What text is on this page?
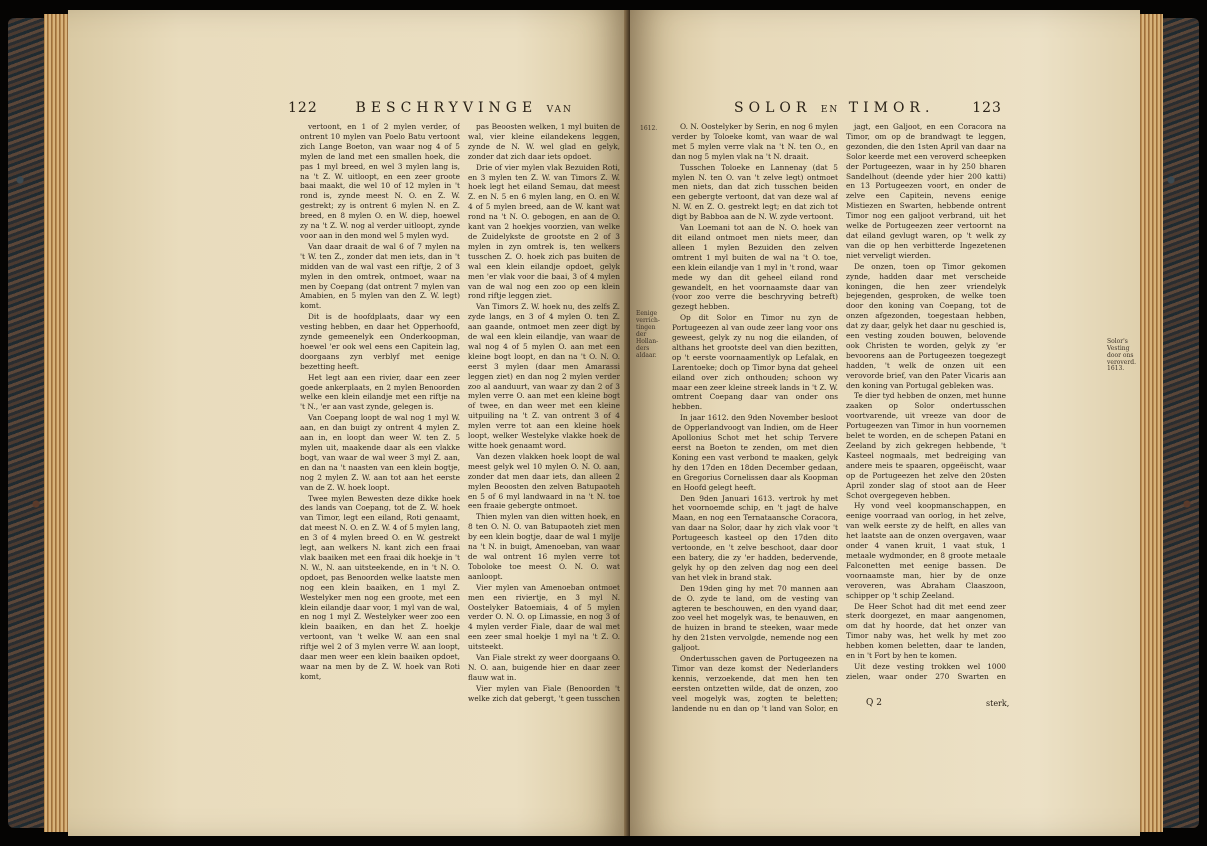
122	BESCHRYVINGE VAN

vertoont, en 1 of 2 mylen verder, of ontrent 10 mylen van Poelo Batu vertoont zich Lange Boeton, van waar nog 4 of 5 mylen de land met een smallen hoek, die pas 1 myl breed, en wel 3 mylen lang is, na 't Z. W. uitloopt, en een zeer groote baai maakt, die wel 10 of 12 mylen in 't rond is, zynde meest N. O. en Z. W. gestrekt; zy is ontrent 6 mylen N. en Z. breed, en 8 mylen O. en W. diep, hoewel zy na 't Z. W. nog al verder uitloopt, zynde voor aan in den mond wel 5 mylen wyd.

Van daar draait de wal 6 of 7 mylen na 't W. ten Z., zonder dat men iets, dan in 't midden van de wal vast een riftje, 2 of 3 mylen in den omtrek, ontmoet, waar na men by Coepang (dat ontrent 7 mylen van Amabien, en 5 mylen van den Z. W. legt) komt.

Dit is de hoofdplaats, daar wy een vesting hebben, en daar het Opperhoofd, zynde gemeenelyk een Onderkoopman, hoewel 'er ook wel eens een Capitein lag, doorgaans zyn verblyf met eenige bezetting heeft.

Het legt aan een rivier, daar een zeer goede ankerplaats, en 2 mylen Benoorden welke een klein eilandje met een riftje na 't N., 'er aan vast zynde, gelegen is.

Van Coepang loopt de wal nog 1 myl W. aan, en dan buigt zy ontrent 4 mylen Z. aan in, en loopt dan weer W. ten Z. 5 mylen uit, maakende daar als een vlakke bogt, van waar de wal weer 3 myl Z. aan, en dan na 't naasten van een klein bogtje, nog 2 mylen Z. W. aan tot aan het eerste van de Z. W. hoek loopt.

Twee mylen Bewesten deze dikke hoek des lands van Coepang, tot de Z. W. hoek van Timor, legt een eiland, Roti genaamt, dat meest N. O. en Z. W. 4 of 5 mylen lang, en 3 of 4 mylen breed O. en W. gestrekt legt, aan welkers N. kant zich een fraai vlak baaiken met een fraai dik hoekje in 't N. W., N. aan uitsteekende, en in 't N. O. opdoet, pas Benoorden welke laatste men nog een klein baaiken, en 1 myl Z. Westelyker men nog een groote, met een klein eilandje daar voor, 1 myl van de wal, en nog 1 myl Z. Westelyker weer zoo een klein baaiken, en dan het Z. hoekje vertoont, van 't welke W. aan een snal riftje wel 2 of 3 mylen verre W. aan loopt, daar men weer een klein baaiken opdoet, waar na men by de Z. W. hoek van Roti komt,

pas Beoosten welken, 1 myl buiten de wal, vier kleine eilandekens leggen, zynde de N. W. wel glad en gelyk, zonder dat zich daar iets opdoet.

Drie of vier mylen vlak Bezuiden Roti, en 3 mylen ten Z. W. van Timors Z. W. hoek legt het eiland Semau, dat meest Z. en N. 5 en 6 mylen lang, en O. en W. 4 of 5 mylen breed, aan de W. kant wat rond na 't N. O. gebogen, en aan de O. kant van 2 hoekjes voorzien, van welke de Zuidelykste de grootste en 2 of 3 mylen in zyn omtrek is, ten welkers tusschen Z. O. hoek zich pas buiten de wal een klein eilandje opdoet, gelyk men 'er vlak voor die baai, 3 of 4 mylen van de wal nog een zoo op een klein rond riftje leggen ziet.

Van Timors Z. W. hoek nu, des zelfs Z. zyde langs, en 3 of 4 mylen O. ten Z. aan gaande, ontmoet men zeer digt by de wal een klein eilandje, van waar de wal nog 4 of 5 mylen O. aan met een kleine bogt loopt, en dan na 't O. N. O. eerst 3 mylen (daar men Amarassi leggen ziet) en dan nog 2 mylen verder zoo al aanduurt, van waar zy dan 2 of 3 mylen verre O. aan met een kleine bogt of twee, en dan weer met een kleine uitpuiling na 't Z. van ontrent 3 of 4 mylen verre tot aan een kleine hoek loopt, welker Westelyke vlakke hoek de witte hoek genaamt word.

Van dezen vlakken hoek loopt de wal meest gelyk wel 10 mylen O. N. O. aan, zonder dat men daar iets, dan alleen 2 mylen Beoosten den zelven Batupaoteh en 5 of 6 myl landwaard in na 't N. toe een fraaie gebergte ontmoet.

Thien mylen van dien witten hoek, en 8 ten O. N. O. van Batupaoteh ziet men by een klein bogtje, daar de wal 1 mylje na 't N. in buigt, Amenoeban, van waar de wal ontrent 16 mylen verre tot Toboloke toe meest O. N. O. wat aanloopt.

Vier mylen van Amenoeban ontmoet men een riviertje, en 3 myl N. Oostelyker Batoemiais, 4 of 5 mylen verder O. N. O. op Limassie, en nog 3 of 4 mylen verder Fiale, daar de wal met een zeer smal hoekje 1 myl na 't Z. O. uitsteekt.

Van Fiale strekt zy weer doorgaans O. N. O. aan, buigende hier en daar zeer flauw wat in.

Vier mylen van Fiale (Benoorden 't welke zich dat gebergt, 't geen tusschen

SOLOR EN TIMOR.	123
1612.
Eenige verrich-tingen der Hollan-ders aldaar.
Solor's Vesting door ons veroverd.
1613.

O. N. Oostelyker by Serin, en nog 6 mylen verder by Toloeke komt, van waar de wal met 5 mylen verre vlak na 't N. ten O., en dan nog 5 mylen vlak na 't N. draait.

Tusschen Toloeke en Lannenay (dat 5 mylen N. ten O. van 't zelve legt) ontmoet men niets, dan dat zich tusschen beiden een gebergte vertoont, dat van deze wal af N. W. en Z. O. gestrekt legt; en dat zich tot digt by Babboa aan de N. W. zyde vertoont.

Van Loemani tot aan de N. O. hoek van dit eiland ontmoet men niets meer, dan alleen 1 mylen Bezuiden den zelven omtrent 1 myl buiten de wal na 't O. toe, een klein eilandje van 1 myl in 't rond, waar mede wy dan dit geheel eiland rond gewandelt, en het voornaamste daar van (voor zoo verre die beschryving betreft) gezegt hebben.

Op dit Solor en Timor nu zyn de Portugeezen al van oude zeer lang voor ons geweest, gelyk zy nu nog die eilanden, of althans het grootste deel van dien bezitten, op 't eerste voornaamentlyk op Lefalak, en Larentoeke; doch op Timor byna dat geheel eiland over zich onthouden; schoon wy maar een zeer kleine streek lands in 't Z. W. omtrent Coepang daar van onder ons hebben.

In jaar 1612. den 9den November besloot de Opperlandvoogt van Indien, om de Heer Apollonius Schot met het schip Tervere eerst na Boeton te zenden, om met dien Koning een vast verbond te maaken, gelyk hy den 17den en 18den December gedaan, en Gregorius Cornelissen daar als Koopman en Hoofd gelegt heeft.

Den 9den Januari 1613. vertrok hy met het voornoemde schip, en 't jagt de halve Maan, en nog een Ternataansche Coracora, van daar na Solor, daar hy zich vlak voor 't Portugeesch kasteel op den 17den dito vertoonde, en 't zelve beschoot, daar door een batery, die zy 'er hadden, bedervende, gelyk hy op den zelven dag nog een deel van het vlek in brand stak.

Den 19den ging hy met 70 mannen aan de O. zyde te land, om de vesting van agteren te beschouwen, en den vyand daar, zoo veel het mogelyk was, te benauwen, en de huizen in brand te steeken, waar mede hy den 21sten vervolgde, nemende nog een galjoot.

Ondertusschen gaven de Portugeezen na Timor van deze komst der Nederlanders kennis, verzoekende, dat men hen ten eersten ontzetten wilde, dat de onzen, zoo veel mogelyk was, zogten te beletten; landende nu en dan op 't land van Solor, en

jagt, een Galjoot, en een Coracora na Timor, om op de brandwagt te leggen, gezonden, die den 1sten April van daar na Solor keerde met een veroverd scheepken der Portugeezen, waar in hy 250 bharen Sandelhout (deende yder hier 200 katti) en 13 Portugeezen voort, en onder de zelve een Capitein, nevens eenige Mistiezen en Swarten, hebbende ontrent Timor nog een galjoot verbrand, uit het welke de Portugeezen zeer vertoornt na dat eiland gevlugt waren, op 't welk zy van die op hen verbitterde Ingezetenen niet verveligt wierden.

De onzen, toen op Timor gekomen zynde, hadden daar met verscheide koningen, die hen zeer vriendelyk bejegenden, gesproken, de welke toen door den koning van Coepang, tot de onzen afgezonden, toegestaan hebben, dat zy daar, gelyk het daar nu geschied is, een vesting zouden bouwen, belovende ook Christen te worden, gelyk zy 'er bevoorens aan de Portugeezen toegezegt hadden, 't welk de onzen uit een verovorde brief, van den Pater Vicaris aan den koning van Portugal gebleken was.

Te dier tyd hebben de onzen, met hunne zaaken op Solor ondertusschen voortvarende, uit vreeze van door de Portugeezen van Timor in hun voornemen belet te worden, en de schepen Patani en Zeeland by zich gekregen hebbende, 't Kasteel nogmaals, met bedreiging van andere meis te spaaren, opgeëischt, waar op de Portugeezen het zelve den 20sten April zonder slag of stoot aan de Heer Schot overgegeven hebben.

Hy vond veel koopmanschappen, en eenige voorraad van oorlog, in het zelve, van welk eerste zy de helft, en alles van het laatste aan de onzen overgaven, waar onder 4 vanen kruit, 1 vaat stuk, 1 metaale wydmonder, en 8 groote metaale Falconetten met eenige bassen. De voornaamste man, hier by de onze veroveren, was Abraham Claaszoon, schipper op 't schip Zeeland.

De Heer Schot had dit met eend zeer sterk doorgezet, en maar aangenomen, om dat hy hoorde, dat het onzer van Timor naby was, het welk hy met zoo hebben komen beletten, daar te landen, en in 't Fort by hen te komen.

Uit deze vesting trokken wel 1000 zielen, waar onder 270 Swarten en

Q 2	sterk,
